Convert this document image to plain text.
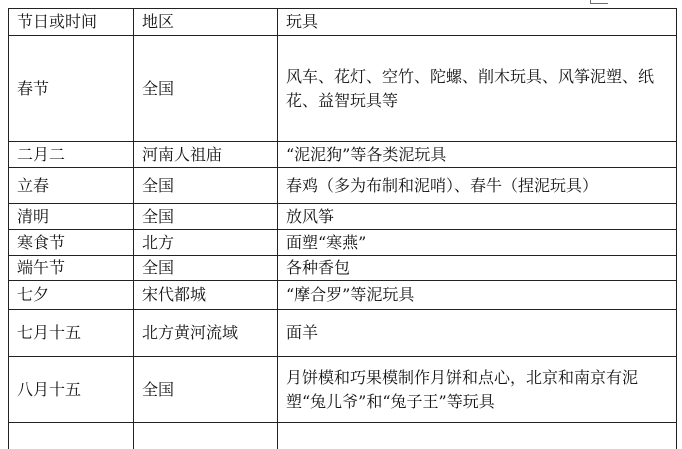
节日或时间	地区	玩具
春节	全国	风车、花灯、空竹、陀螺、削木玩具、风筝泥塑、纸花、益智玩具等
二月二	河南人祖庙	“泥泥狗”等各类泥玩具
立春	全国	春鸡（多为布制和泥哨）、春牛（捏泥玩具）
清明	全国	放风筝
寒食节	北方	面塑“寒燕”
端午节	全国	各种香包
七夕	宋代都城	“摩合罗”等泥玩具
七月十五	北方黄河流域	面羊
八月十五	全国	月饼模和巧果模制作月饼和点心，北京和南京有泥塑“兔儿爷”和“兔子王”等玩具
